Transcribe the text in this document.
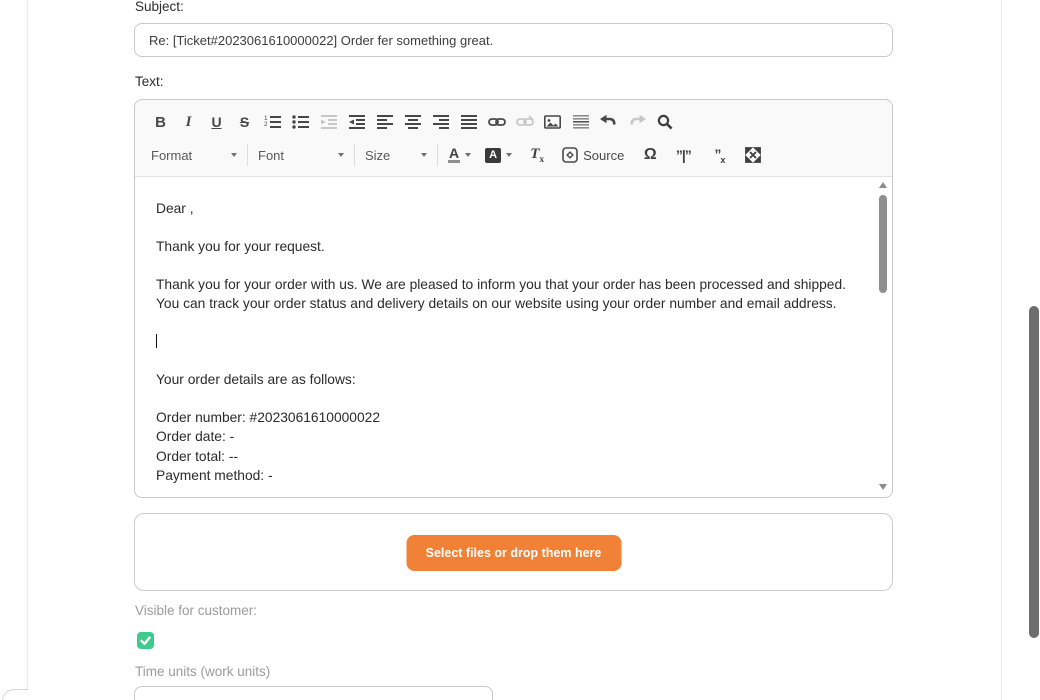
Subject:
Re: [Ticket#2023061610000022] Order fer something great.
Text:
B I U S 1
2
Format	Font	Size	A	A $T_x$	Source Ω ”|” $”_x$

Dear ,

Thank you for your request.

Thank you for your order with us. We are pleased to inform you that your order has been processed and shipped. You can track your order status and delivery details on our website using your order number and email address.

Your order details are as follows:

Order number: #2023061610000022
Order date: -
Order total: --
Payment method: -
Select files or drop them here
Visible for customer:
Time units (work units)
